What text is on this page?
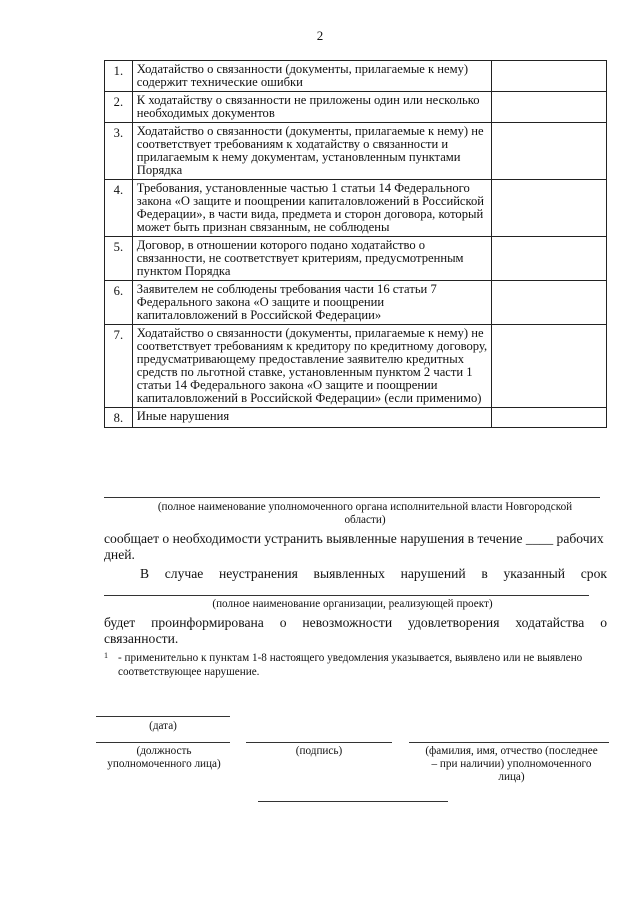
2
1.	Ходатайство о связанности (документы, прилагаемые к нему) содержит технические ошибки	
2.	К ходатайству о связанности не приложены один или несколько необходимых документов	
3.	Ходатайство о связанности (документы, прилагаемые к нему) не соответствует требованиям к ходатайству о связанности и прилагаемым к нему документам, установленным пунктами Порядка	
4.	Требования, установленные частью 1 статьи 14 Федерального закона «О защите и поощрении капиталовложений в Российской Федерации», в части вида, предмета и сторон договора, который может быть признан связанным, не соблюдены	
5.	Договор, в отношении которого подано ходатайство о связанности, не соответствует критериям, предусмотренным пунктом Порядка	
6.	Заявителем не соблюдены требования части 16 статьи 7 Федерального закона «О защите и поощрении капиталовложений в Российской Федерации»	
7.	Ходатайство о связанности (документы, прилагаемые к нему) не соответствует требованиям к кредитору по кредитному договору, предусматривающему предоставление заявителю кредитных средств по льготной ставке, установленным пунктом 2 части 1 статьи 14 Федерального закона «О защите и поощрении капиталовложений в Российской Федерации» (если применимо)	
8.	Иные нарушения	
(полное наименование уполномоченного органа исполнительной власти Новгородской области)
сообщает о необходимости устранить выявленные нарушения в течение ____ рабочих дней.
В случае неустранения выявленных нарушений в указанный срок
(полное наименование организации, реализующей проект)
будет проинформирована о невозможности удовлетворения ходатайства о связанности.
1 - применительно к пунктам 1-8 настоящего уведомления указывается, выявлено или не выявлено соответствующее нарушение.
(дата)
(должность уполномоченного лица)
(подпись)	(фамилия, имя, отчество (последнее – при наличии) уполномоченного лица)
